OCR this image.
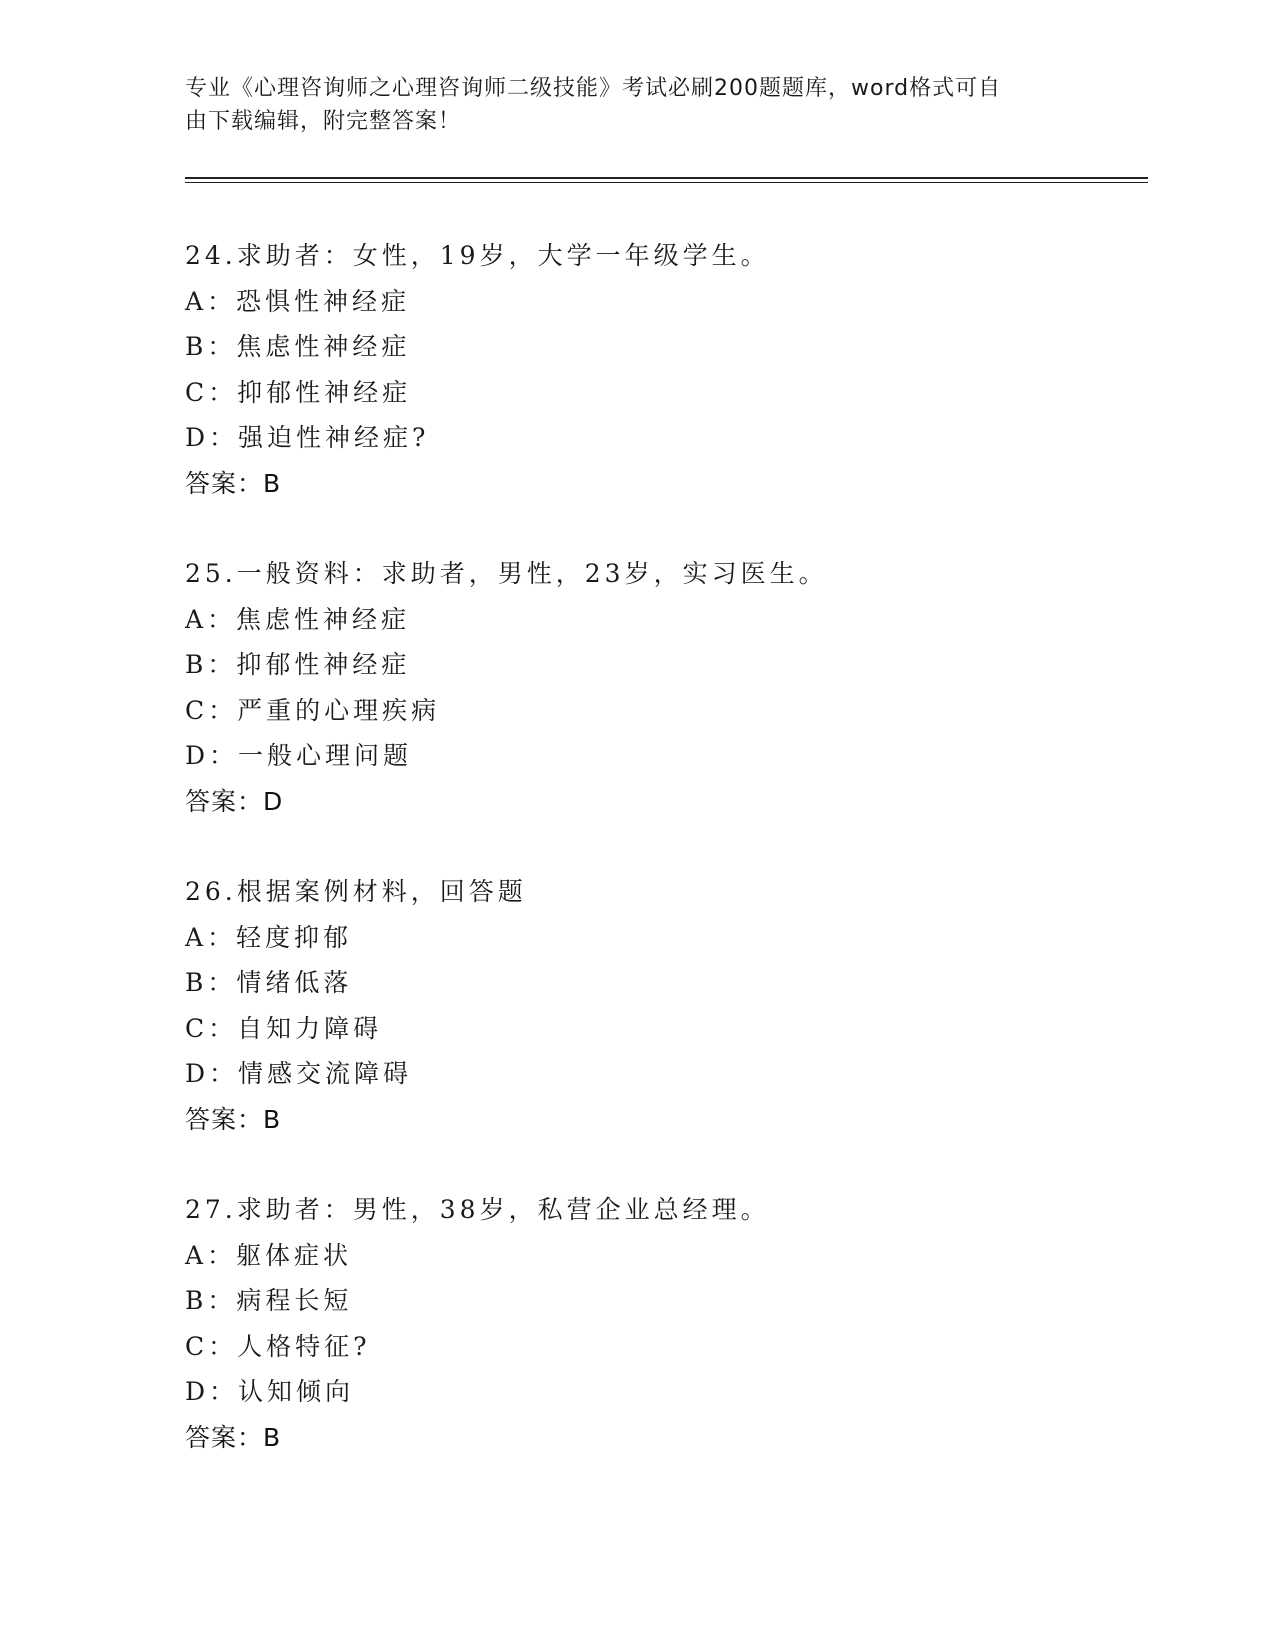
专业《心理咨询师之心理咨询师二级技能》考试必刷200题题库，word格式可自
由下载编辑，附完整答案！
24.求助者：女性，19岁，大学一年级学生。
A：恐惧性神经症
B：焦虑性神经症
C：抑郁性神经症
D：强迫性神经症?
答案：B
25.一般资料：求助者，男性，23岁，实习医生。
A：焦虑性神经症
B：抑郁性神经症
C：严重的心理疾病
D：一般心理问题
答案：D
26.根据案例材料，回答题
A：轻度抑郁
B：情绪低落
C：自知力障碍
D：情感交流障碍
答案：B
27.求助者：男性，38岁，私营企业总经理。
A：躯体症状
B：病程长短
C：人格特征?
D：认知倾向
答案：B
